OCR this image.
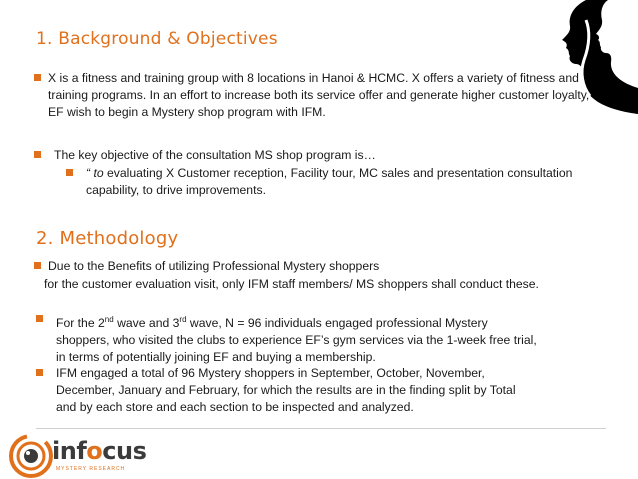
1. Background & Objectives
X is a fitness and training group with 8 locations in Hanoi & HCMC. X offers a variety of fitness and
training programs. In an effort to increase both its service offer and generate higher customer loyalty,
EF wish to begin a Mystery shop program with IFM.
The key objective of the consultation MS shop program is…
“ to evaluating X Customer reception, Facility tour, MC sales and presentation consultation
capability, to drive improvements.
2. Methodology
Due to the Benefits of utilizing Professional Mystery shoppers
for the customer evaluation visit, only IFM staff members/ MS shoppers shall conduct these.
For the 2nd wave and 3rd wave, N = 96 individuals engaged professional Mystery
shoppers, who visited the clubs to experience EF’s gym services via the 1-week free trial,
in terms of potentially joining EF and buying a membership.
IFM engaged a total of 96 Mystery shoppers in September, October, November,
December, January and February, for which the results are in the finding split by Total
and by each store and each section to be inspected and analyzed.
infocus
MYSTERY RESEARCH
